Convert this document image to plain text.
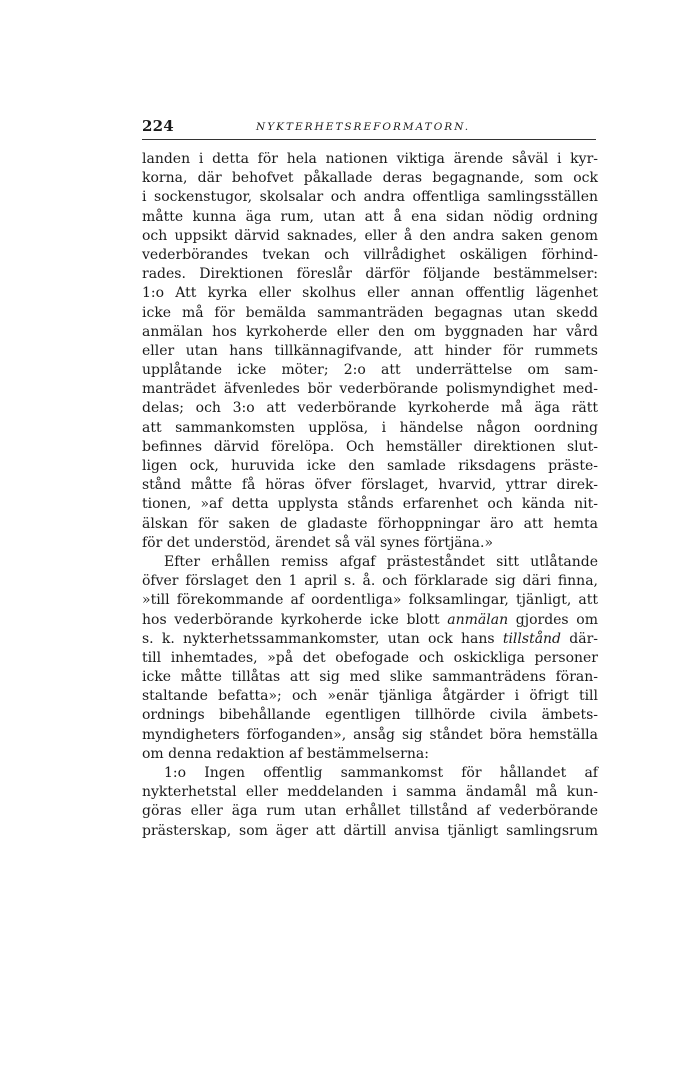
224	NYKTERHETSREFORMATORN.
landen i detta för hela nationen viktiga ärende såväl i kyr-
korna, där behofvet påkallade deras begagnande, som ock
i sockenstugor, skolsalar och andra offentliga samlingsställen
måtte kunna äga rum, utan att å ena sidan nödig ordning
och uppsikt därvid saknades, eller å den andra saken genom
vederbörandes tvekan och villrådighet oskäligen förhind-
rades. Direktionen föreslår därför följande bestämmelser:
1:o Att kyrka eller skolhus eller annan offentlig lägenhet
icke må för bemälda sammanträden begagnas utan skedd
anmälan hos kyrkoherde eller den om byggnaden har vård
eller utan hans tillkännagifvande, att hinder för rummets
upplåtande icke möter; 2:o att underrättelse om sam-
manträdet äfvenledes bör vederbörande polismyndighet med-
delas; och 3:o att vederbörande kyrkoherde må äga rätt
att sammankomsten upplösa, i händelse någon oordning
befinnes därvid förelöpa. Och hemställer direktionen slut-
ligen ock, huruvida icke den samlade riksdagens präste-
stånd måtte få höras öfver förslaget, hvarvid, yttrar direk-
tionen, »af detta upplysta stånds erfarenhet och kända nit-
älskan för saken de gladaste förhoppningar äro att hemta
för det understöd, ärendet så väl synes förtjäna.»
Efter erhållen remiss afgaf prästeståndet sitt utlåtande
öfver förslaget den 1 april s. å. och förklarade sig däri finna,
»till förekommande af oordentliga» folksamlingar, tjänligt, att
hos vederbörande kyrkoherde icke blott anmälan gjordes om
s. k. nykterhetssammankomster, utan ock hans tillstånd där-
till inhemtades, »på det obefogade och oskickliga personer
icke måtte tillåtas att sig med slike sammanträdens föran-
staltande befatta»; och »enär tjänliga åtgärder i öfrigt till
ordnings bibehållande egentligen tillhörde civila ämbets-
myndigheters förfoganden», ansåg sig ståndet böra hemställa
om denna redaktion af bestämmelserna:
1:o Ingen offentlig sammankomst för hållandet af
nykterhetstal eller meddelanden i samma ändamål må kun-
göras eller äga rum utan erhållet tillstånd af vederbörande
prästerskap, som äger att därtill anvisa tjänligt samlingsrum
